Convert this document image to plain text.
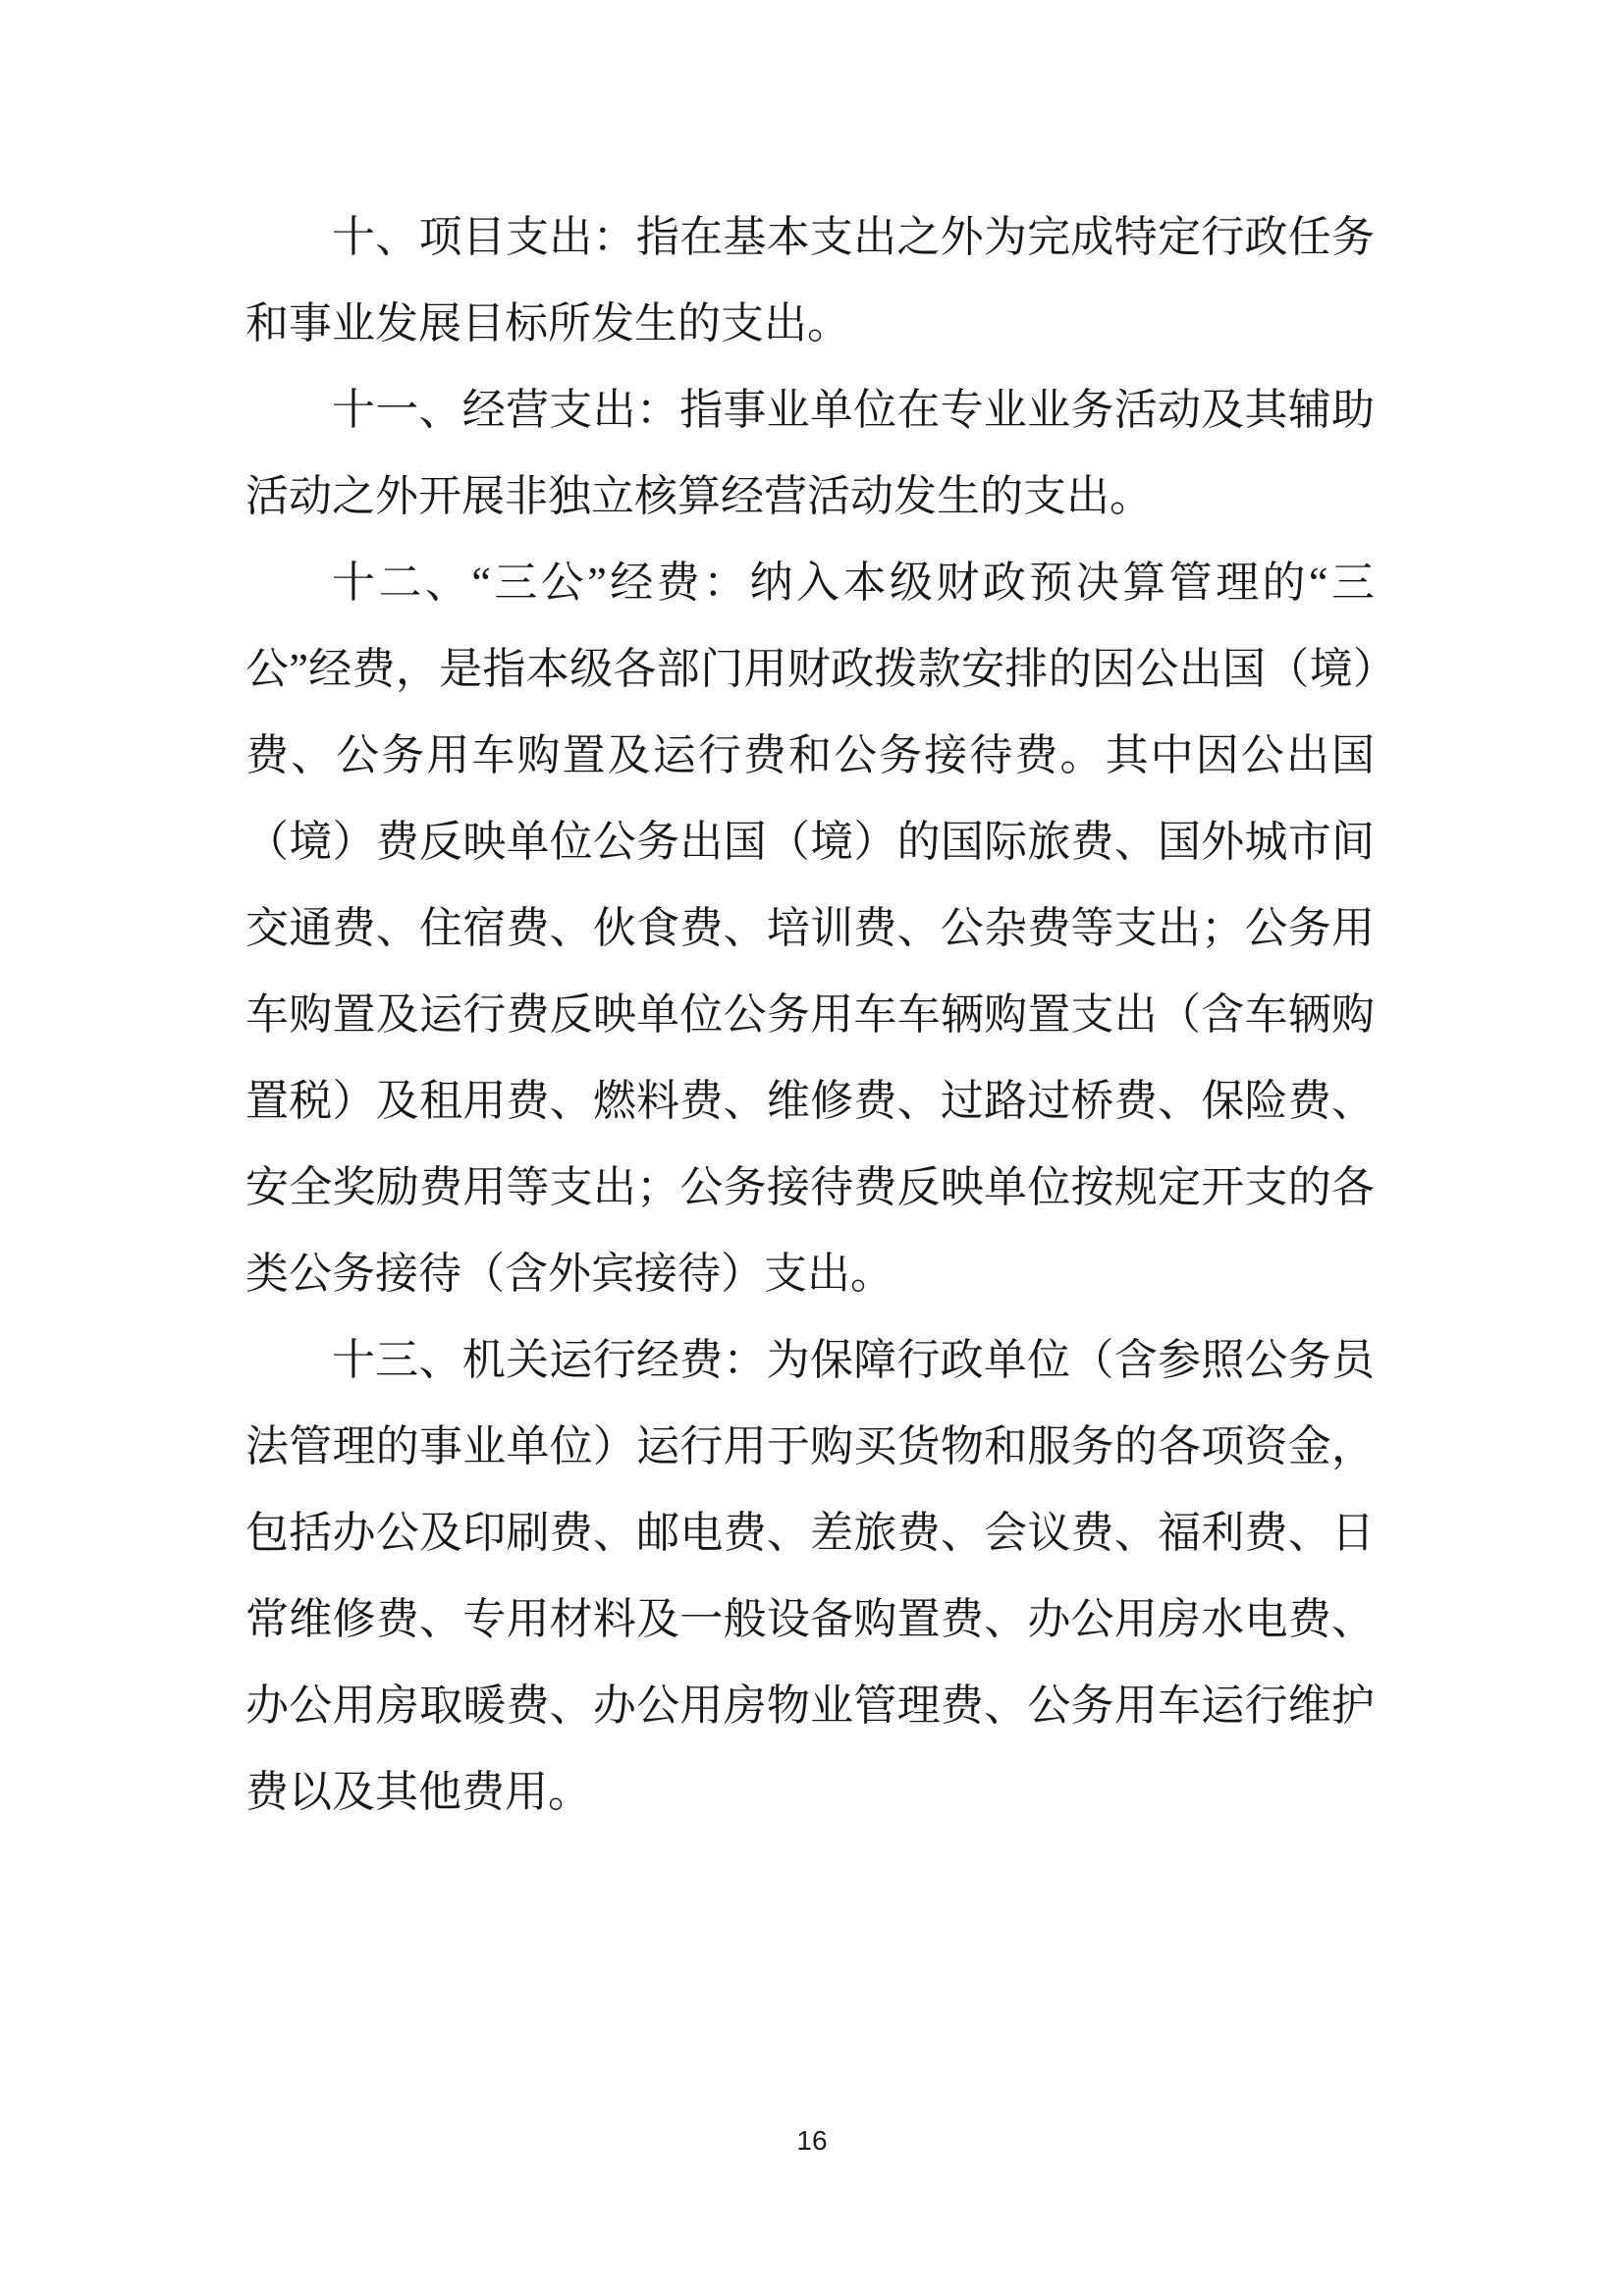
十、项目支出：指在基本支出之外为完成特定行政任务和事业发展目标所发生的支出。

十一、经营支出：指事业单位在专业业务活动及其辅助活动之外开展非独立核算经营活动发生的支出。

十二、“三公”经费：纳入本级财政预决算管理的“三公”经费，是指本级各部门用财政拨款安排的因公出国（境）费、公务用车购置及运行费和公务接待费。其中因公出国（境）费反映单位公务出国（境）的国际旅费、国外城市间交通费、住宿费、伙食费、培训费、公杂费等支出；公务用车购置及运行费反映单位公务用车车辆购置支出（含车辆购置税）及租用费、燃料费、维修费、过路过桥费、保险费、安全奖励费用等支出；公务接待费反映单位按规定开支的各类公务接待（含外宾接待）支出。

十三、机关运行经费：为保障行政单位（含参照公务员法管理的事业单位）运行用于购买货物和服务的各项资金，包括办公及印刷费、邮电费、差旅费、会议费、福利费、日常维修费、专用材料及一般设备购置费、办公用房水电费、办公用房取暖费、办公用房物业管理费、公务用车运行维护费以及其他费用。

16
